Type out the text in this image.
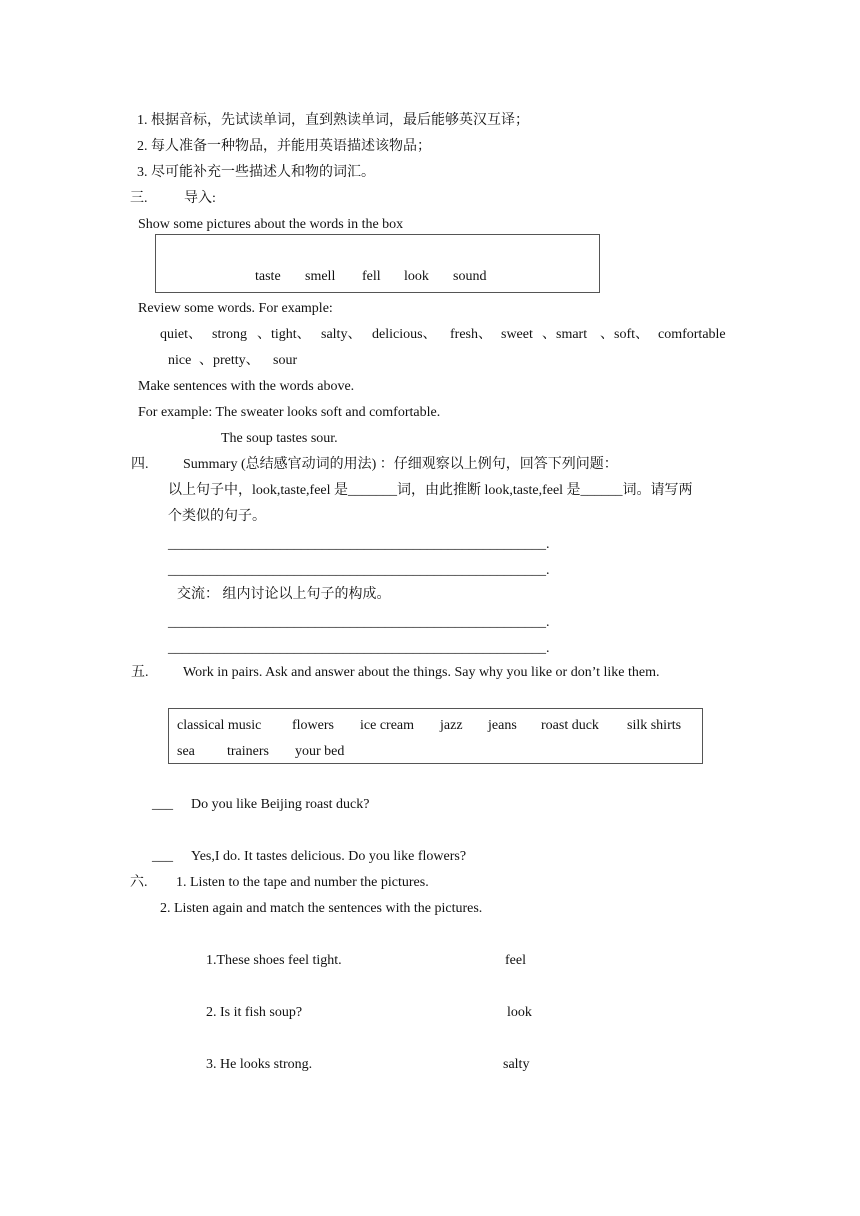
1. 根据音标，先试读单词，直到熟读单词，最后能够英汉互译；
2. 每人准备一种物品，并能用英语描述该物品；
3. 尽可能补充一些描述人和物的词汇。
三.	导入:
Show some pictures about the words in the box
taste smell fell look sound
Review some words. For example:
quiet、 strong 、tight、 salty、 delicious、 fresh、 sweet 、smart 、soft、 comfortable
nice 、pretty、 sour
Make sentences with the words above.
For example: The sweater looks soft and comfortable.
The soup tastes sour.
四. Summary (总结感官动词的用法) ：仔细观察以上例句，回答下列问题：
以上句子中，look,taste,feel 是_______词，由此推断 look,taste,feel 是______词。请写两
个类似的句子。
______________________________________________________.
______________________________________________________.
交流： 组内讨论以上句子的构成。
______________________________________________________.
______________________________________________________.
五. Work in pairs. Ask and answer about the things. Say why you like or don’t like them.
classical music flowers ice cream jazz jeans roast duck silk shirts
sea trainers your bed
___ Do you like Beijing roast duck?
___ Yes,I do. It tastes delicious. Do you like flowers?
六. 1. Listen to the tape and number the pictures.
2. Listen again and match the sentences with the pictures.
1.These shoes feel tight.	feel
2. Is it fish soup?	look
3. He looks strong.	salty
